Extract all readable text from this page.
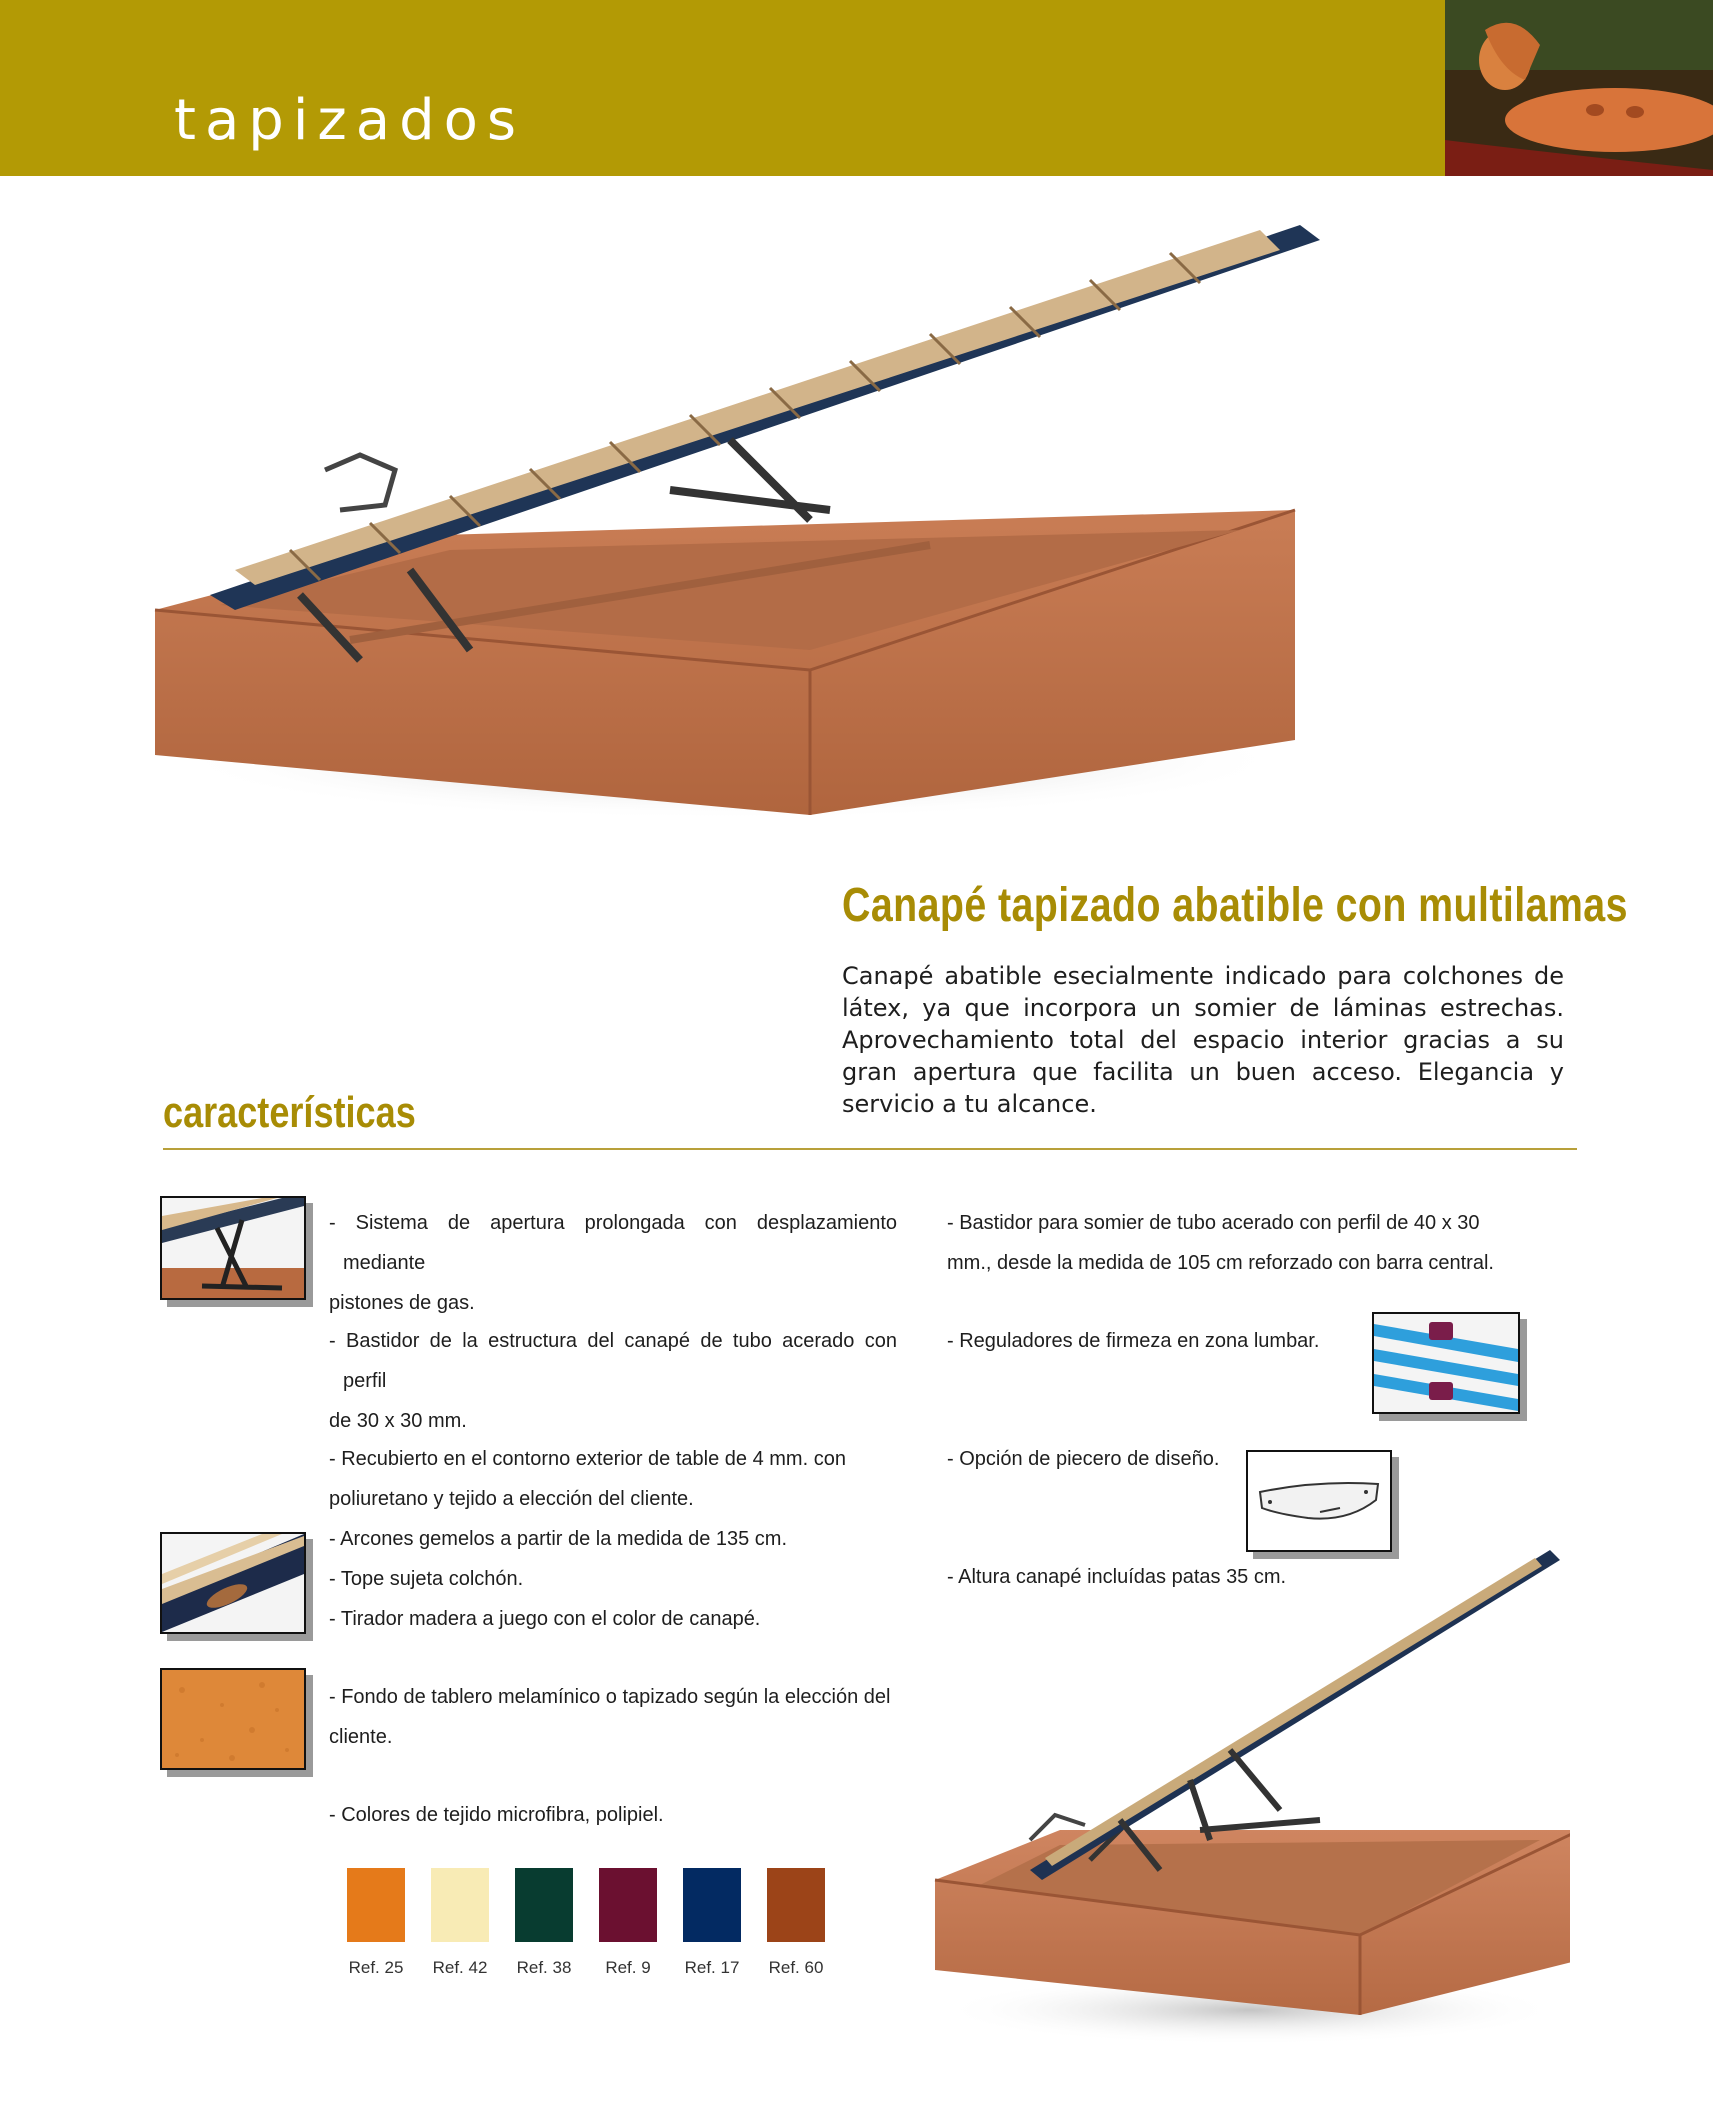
tapizados
Canapé tapizado abatible con multilamas
Canapé abatible esecialmente indicado para colchones de látex, ya que incorpora un somier de láminas estrechas. Aprovechamiento total del espacio interior gracias a su gran apertura que facilita un buen acceso. Elegancia y servicio a tu alcance.
características
- Sistema de apertura prolongada con desplazamiento mediante
pistones de gas.
- Bastidor de la estructura del canapé de tubo acerado con perfil
de 30 x 30 mm.
- Recubierto en el contorno exterior de table de 4 mm. con
poliuretano y tejido a elección del cliente.
- Arcones gemelos a partir de la medida de 135 cm.
- Tope sujeta colchón.
- Tirador madera a juego con el color de canapé.
- Fondo de tablero melamínico o tapizado según la elección del
cliente.
- Colores de tejido microfibra, polipiel.
- Bastidor para somier de tubo acerado con perfil de 40 x 30
mm., desde la medida de 105 cm reforzado con barra central.
- Reguladores de firmeza en zona lumbar.
- Opción de piecero de diseño.
- Altura canapé incluídas patas 35 cm.
Ref. 25	Ref. 42	Ref. 38	Ref. 9	Ref. 17	Ref. 60
